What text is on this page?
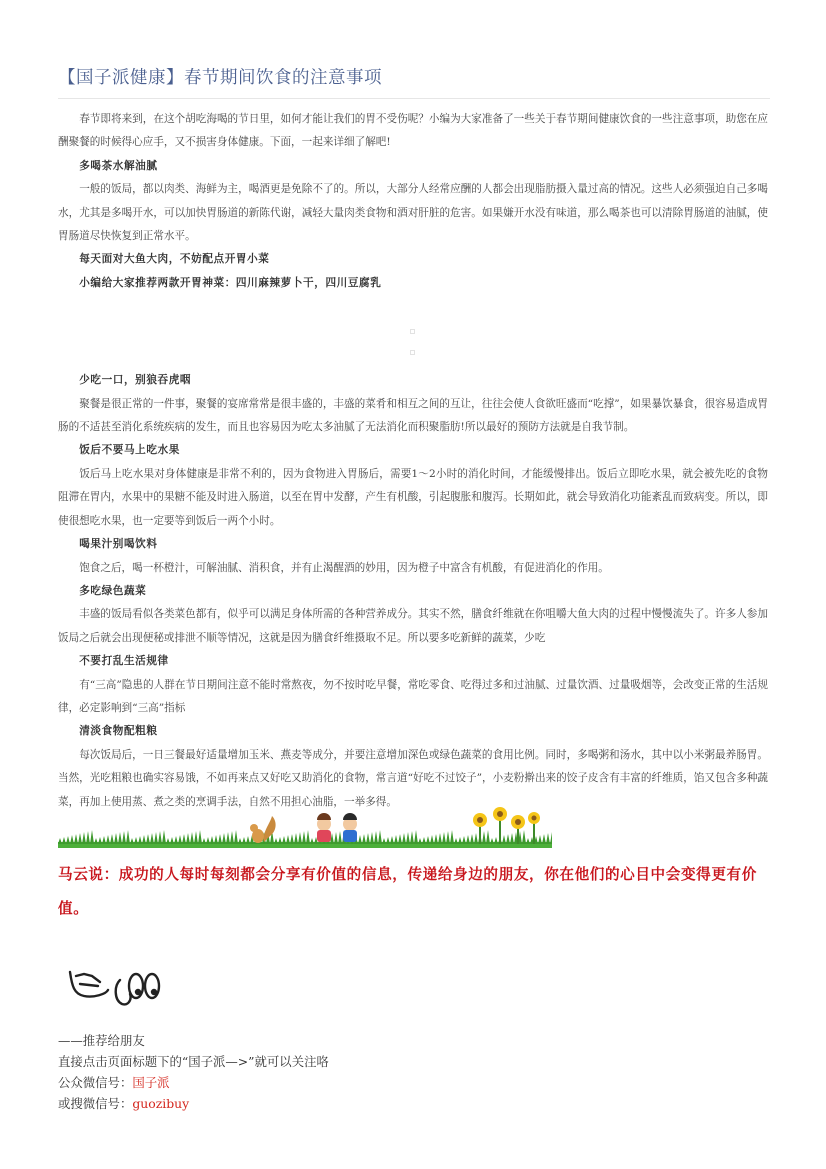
【国子派健康】春节期间饮食的注意事项

春节即将来到，在这个胡吃海喝的节日里，如何才能让我们的胃不受伤呢？小编为大家准备了一些关于春节期间健康饮食的一些注意事项，助您在应酬聚餐的时候得心应手，又不损害身体健康。下面，一起来详细了解吧!

多喝茶水解油腻

一般的饭局，都以肉类、海鲜为主，喝酒更是免除不了的。所以，大部分人经常应酬的人都会出现脂肪摄入量过高的情况。这些人必须强迫自己多喝水，尤其是多喝开水，可以加快胃肠道的新陈代谢，减轻大量肉类食物和酒对肝脏的危害。如果嫌开水没有味道，那么喝茶也可以清除胃肠道的油腻，使胃肠道尽快恢复到正常水平。

每天面对大鱼大肉，不妨配点开胃小菜
小编给大家推荐两款开胃神菜：四川麻辣萝卜干，四川豆腐乳
少吃一口，别狼吞虎咽

聚餐是很正常的一件事，聚餐的宴席常常是很丰盛的，丰盛的菜肴和相互之间的互让，往往会使人食欲旺盛而“吃撑”，如果暴饮暴食，很容易造成胃肠的不适甚至消化系统疾病的发生，而且也容易因为吃太多油腻了无法消化而积聚脂肪!所以最好的预防方法就是自我节制。

饭后不要马上吃水果

饭后马上吃水果对身体健康是非常不利的，因为食物进入胃肠后，需要1～2小时的消化时间，才能缓慢排出。饭后立即吃水果，就会被先吃的食物阻滞在胃内，水果中的果糖不能及时进入肠道，以至在胃中发酵，产生有机酸，引起腹胀和腹泻。长期如此，就会导致消化功能紊乱而致病变。所以，即使很想吃水果，也一定要等到饭后一两个小时。

喝果汁别喝饮料

饱食之后，喝一杯橙汁，可解油腻、消积食，并有止渴醒酒的妙用，因为橙子中富含有机酸，有促进消化的作用。

多吃绿色蔬菜

丰盛的饭局看似各类菜色都有，似乎可以满足身体所需的各种营养成分。其实不然，膳食纤维就在你咀嚼大鱼大肉的过程中慢慢流失了。许多人参加饭局之后就会出现便秘或排泄不顺等情况，这就是因为膳食纤维摄取不足。所以要多吃新鲜的蔬菜，少吃

不要打乱生活规律

有“三高”隐患的人群在节日期间注意不能时常熬夜，勿不按时吃早餐，常吃零食、吃得过多和过油腻、过量饮酒、过量吸烟等，会改变正常的生活规律，必定影响到“三高”指标

清淡食物配粗粮

每次饭局后，一日三餐最好适量增加玉米、燕麦等成分，并要注意增加深色或绿色蔬菜的食用比例。同时，多喝粥和汤水，其中以小米粥最养肠胃。当然，光吃粗粮也确实容易饿，不如再来点又好吃又助消化的食物，常言道“好吃不过饺子”，小麦粉擀出来的饺子皮含有丰富的纤维质，馅又包含多种蔬菜，再加上使用蒸、煮之类的烹调手法，自然不用担心油脂，一举多得。

马云说：成功的人每时每刻都会分享有价值的信息，传递给身边的朋友，你在他们的心目中会变得更有价值。

——推荐给朋友
直接点击页面标题下的“国子派—>”就可以关注咯
公众微信号：国子派
或搜微信号：guozibuy
